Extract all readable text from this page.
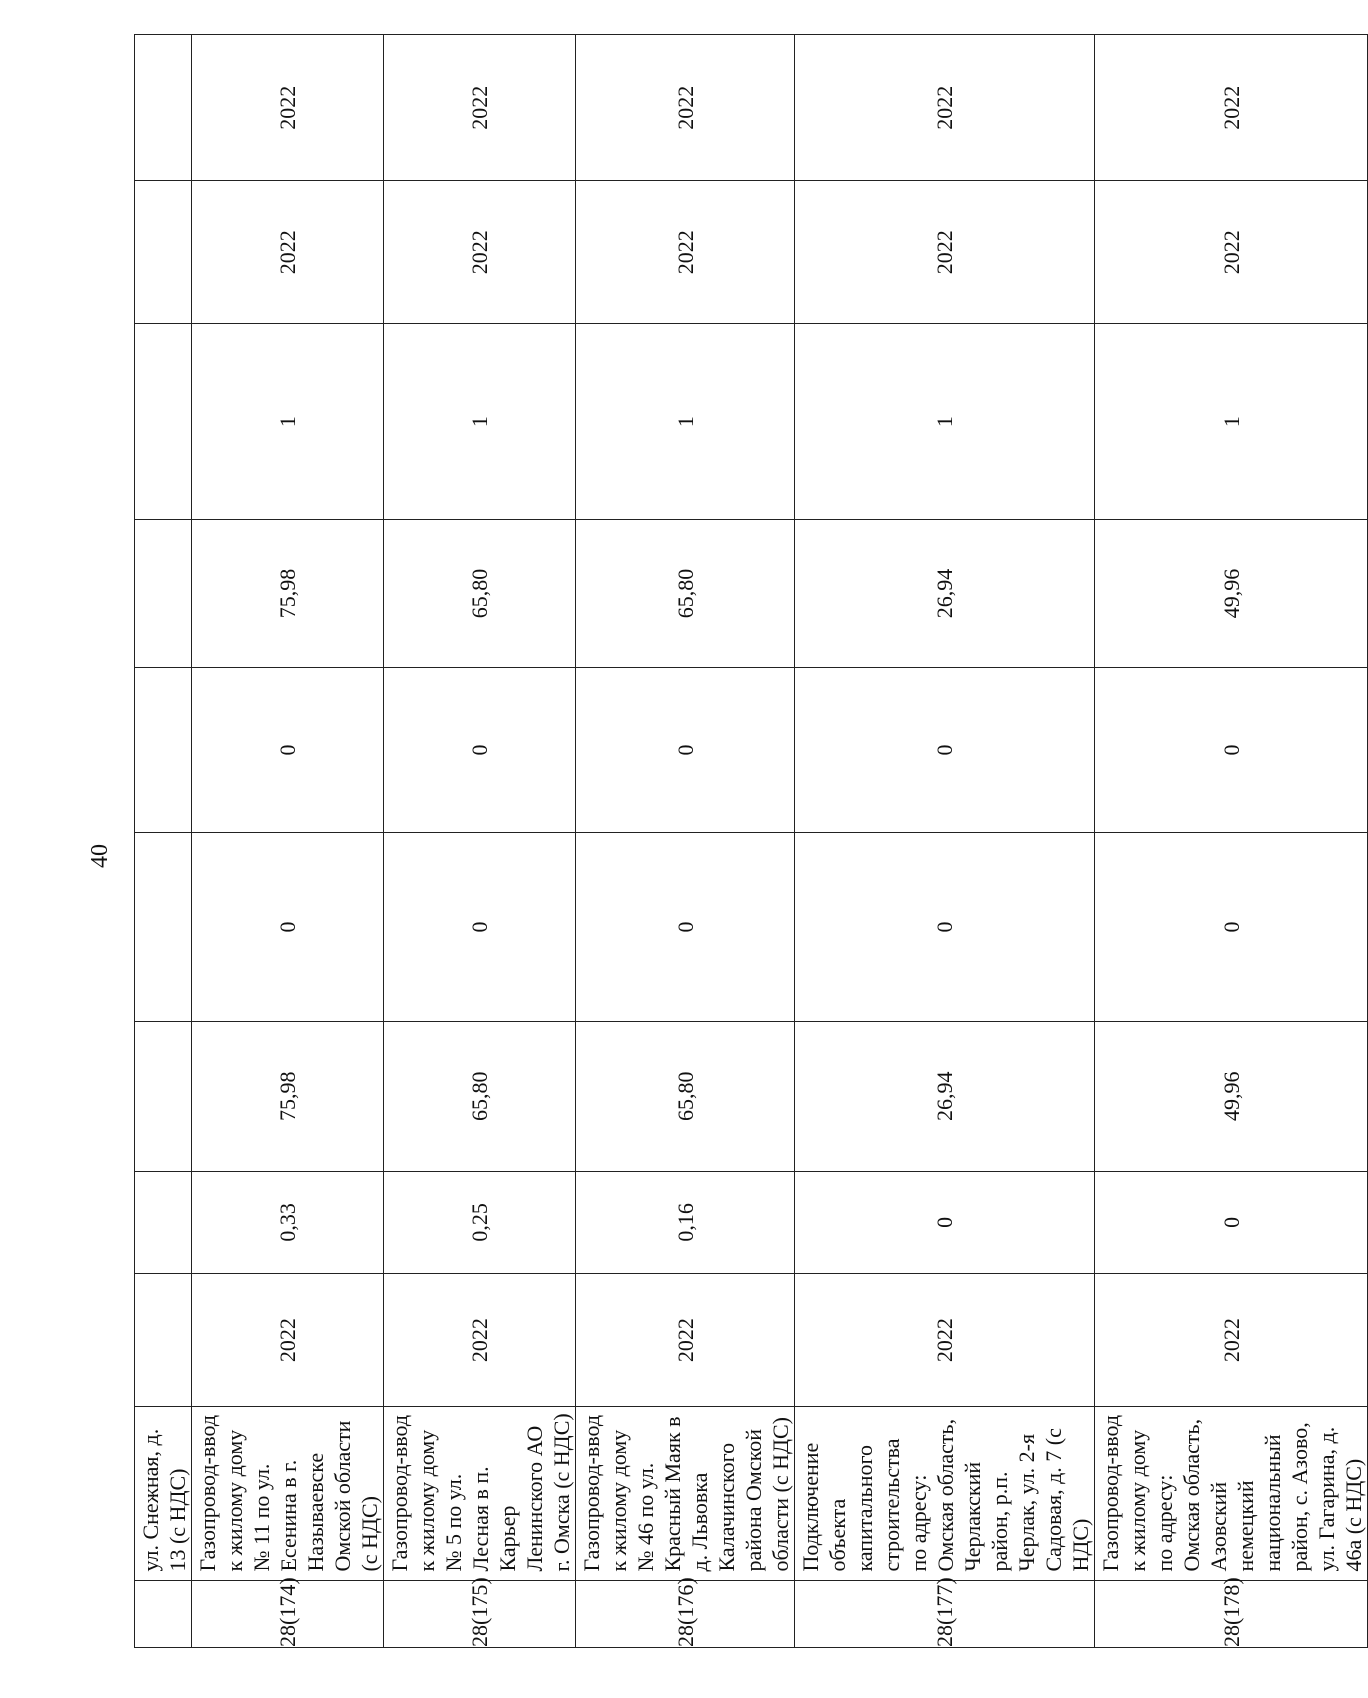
40
	ул. Снежная, д. 13 (с НДС)									
28(174)	Газопровод-ввод к жилому дому № 11 по ул. Есенина в г. Называевске Омской области (с НДС)	2022	0,33	75,98	0	0	75,98	1	2022	2022
28(175)	Газопровод-ввод к жилому дому № 5 по ул. Лесная в п. Карьер Ленинского АО г. Омска (с НДС)	2022	0,25	65,80	0	0	65,80	1	2022	2022
28(176)	Газопровод-ввод к жилому дому № 46 по ул. Красный Маяк в д. Львовка Калачинского района Омской области (с НДС)	2022	0,16	65,80	0	0	65,80	1	2022	2022
28(177)	Подключение объекта капитального строительства по адресу: Омская область, Черлакский район, р.п. Черлак, ул. 2-я Садовая, д. 7 (с НДС)	2022	0	26,94	0	0	26,94	1	2022	2022
28(178)	Газопровод-ввод к жилому дому по адресу: Омская область, Азовский немецкий национальный район, с. Азово, ул. Гагарина, д. 46а (с НДС)	2022	0	49,96	0	0	49,96	1	2022	2022
